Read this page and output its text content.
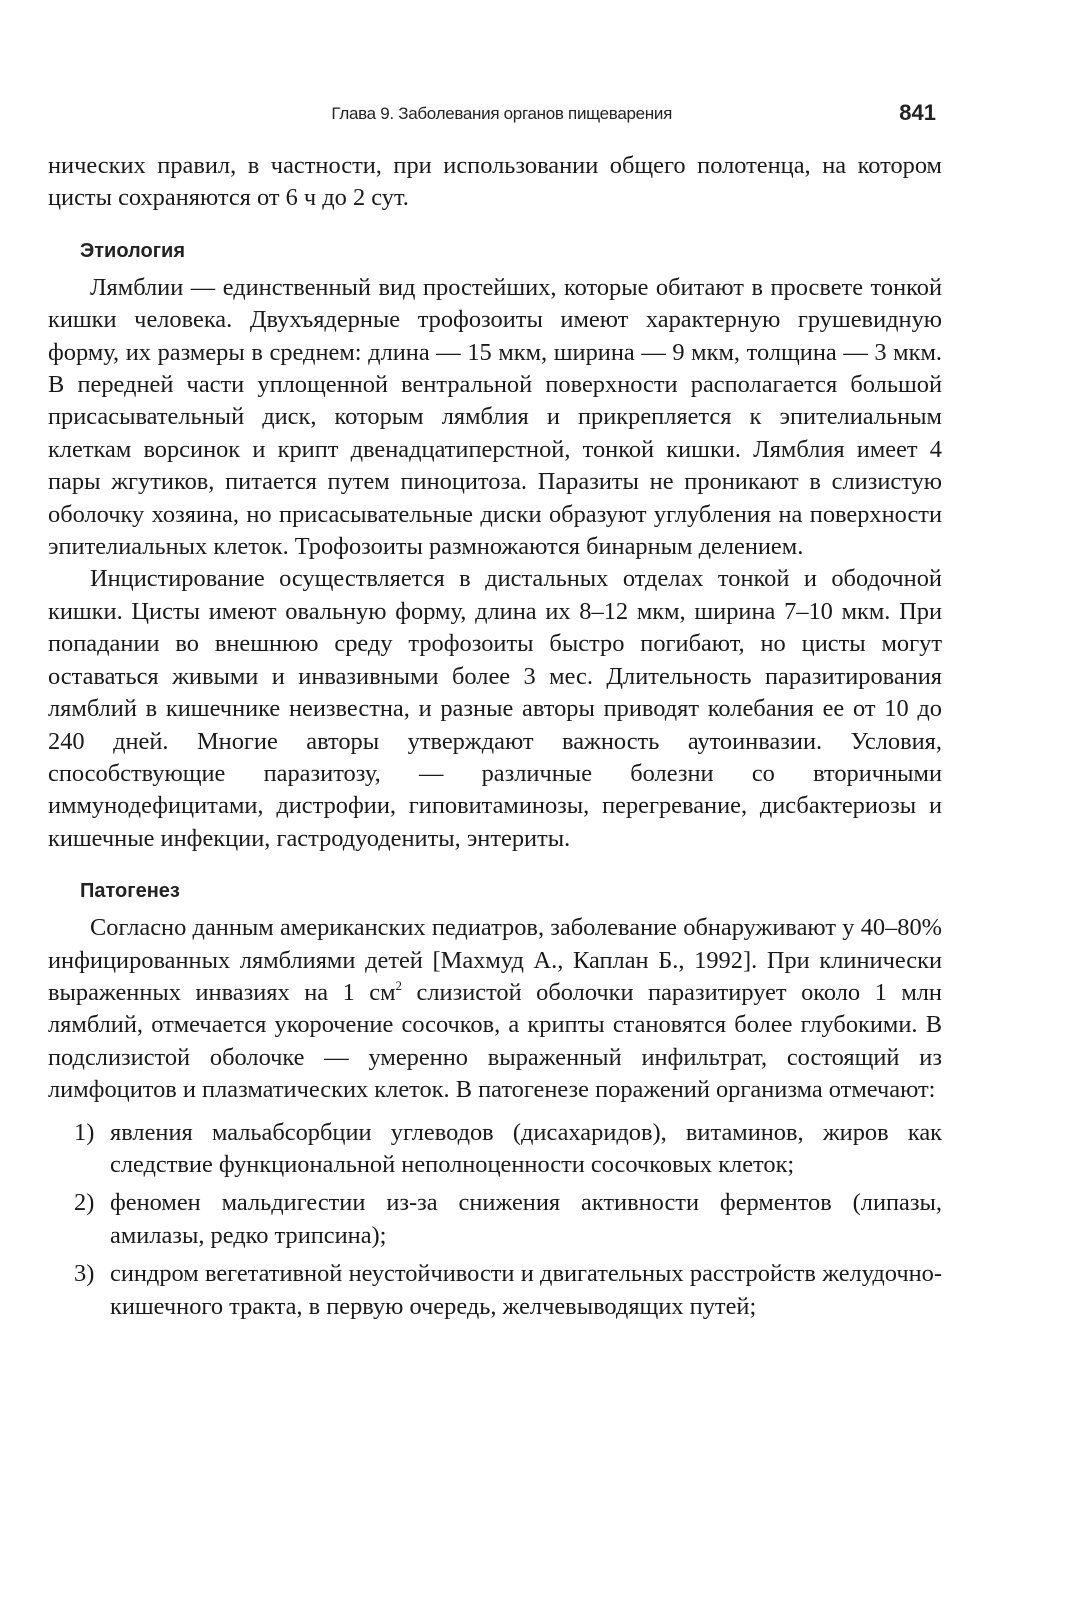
Глава 9. Заболевания органов пищеварения	841

нических правил, в частности, при использовании общего полотенца, на котором цисты сохраняются от 6 ч до 2 сут.

Этиология

Лямблии — единственный вид простейших, которые обитают в просвете тонкой кишки человека. Двухъядерные трофозоиты имеют характерную грушевидную форму, их размеры в среднем: длина — 15 мкм, ширина — 9 мкм, толщина — 3 мкм. В передней части уплощенной вентральной поверхности располагается большой присасывательный диск, которым лямблия и прикрепляется к эпителиальным клеткам ворсинок и крипт двенадцатиперстной, тонкой кишки. Лямблия имеет 4 пары жгутиков, питается путем пиноцитоза. Паразиты не проникают в слизистую оболочку хозяина, но присасывательные диски образуют углубления на поверхности эпителиальных клеток. Трофозоиты размножаются бинарным делением.

Инцистирование осуществляется в дистальных отделах тонкой и ободочной кишки. Цисты имеют овальную форму, длина их 8–12 мкм, ширина 7–10 мкм. При попадании во внешнюю среду трофозоиты быстро погибают, но цисты могут оставаться живыми и инвазивными более 3 мес. Длительность паразитирования лямблий в кишечнике неизвестна, и разные авторы приводят колебания ее от 10 до 240 дней. Многие авторы утверждают важность аутоинвазии. Условия, способствующие паразитозу, — различные болезни со вторичными иммунодефицитами, дистрофии, гиповитаминозы, перегревание, дисбактериозы и кишечные инфекции, гастродуодениты, энтериты.

Патогенез

Согласно данным американских педиатров, заболевание обнаруживают у 40–80% инфицированных лямблиями детей [Махмуд А., Каплан Б., 1992]. При клинически выраженных инвазиях на 1 $см^2$ слизистой оболочки паразитирует около 1 млн лямблий, отмечается укорочение сосочков, а крипты становятся более глубокими. В подслизистой оболочке — умеренно выраженный инфильтрат, состоящий из лимфоцитов и плазматических клеток. В патогенезе поражений организма отмечают:

1) явления мальабсорбции углеводов (дисахаридов), витаминов, жиров как следствие функциональной неполноценности сосочковых клеток;

2) феномен мальдигестии из-за снижения активности ферментов (липазы, амилазы, редко трипсина);

3) синдром вегетативной неустойчивости и двигательных расстройств желудочно-кишечного тракта, в первую очередь, желчевыводящих путей;
